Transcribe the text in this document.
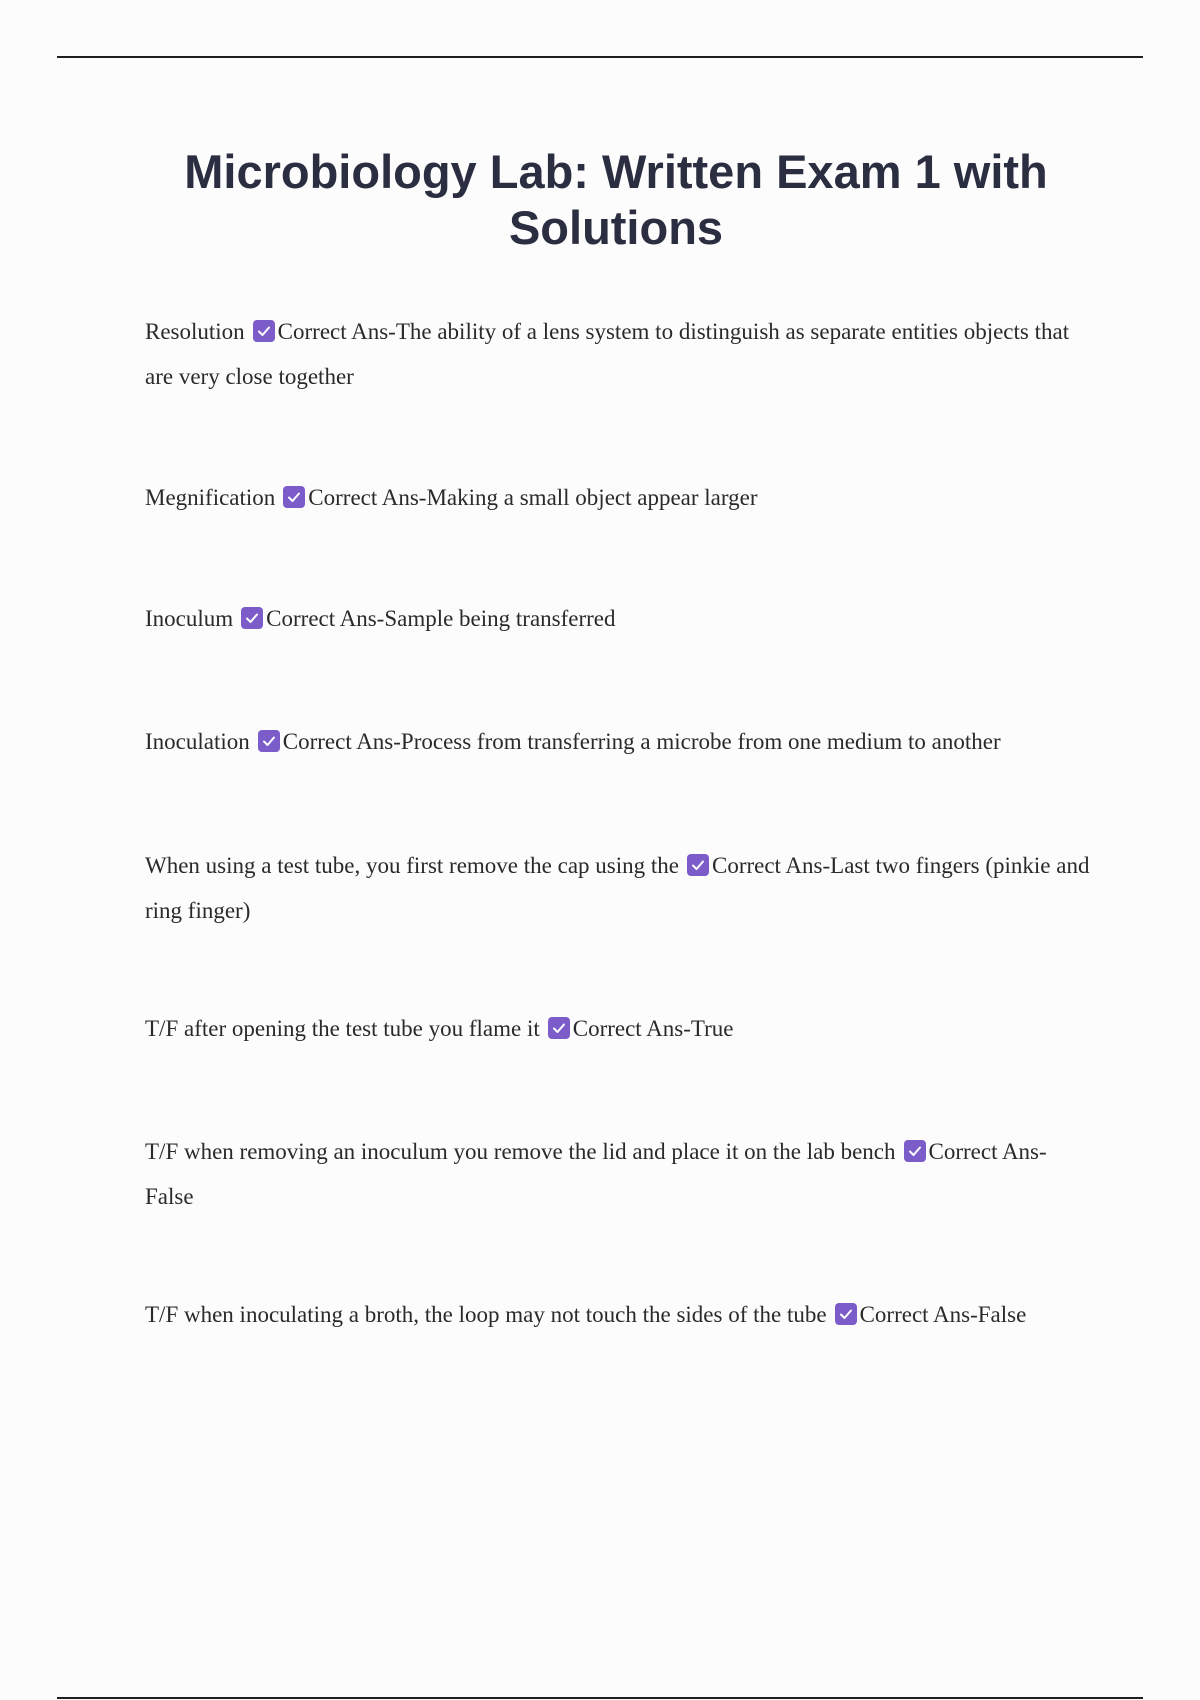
Microbiology Lab: Written Exam 1 with Solutions

Resolution Correct Ans-The ability of a lens system to distinguish as separate entities objects that are very close together

Megnification Correct Ans-Making a small object appear larger

Inoculum Correct Ans-Sample being transferred

Inoculation Correct Ans-Process from transferring a microbe from one medium to another

When using a test tube, you first remove the cap using the Correct Ans-Last two fingers (pinkie and ring finger)

T/F after opening the test tube you flame it Correct Ans-True

T/F when removing an inoculum you remove the lid and place it on the lab bench Correct Ans-False

T/F when inoculating a broth, the loop may not touch the sides of the tube Correct Ans-False
